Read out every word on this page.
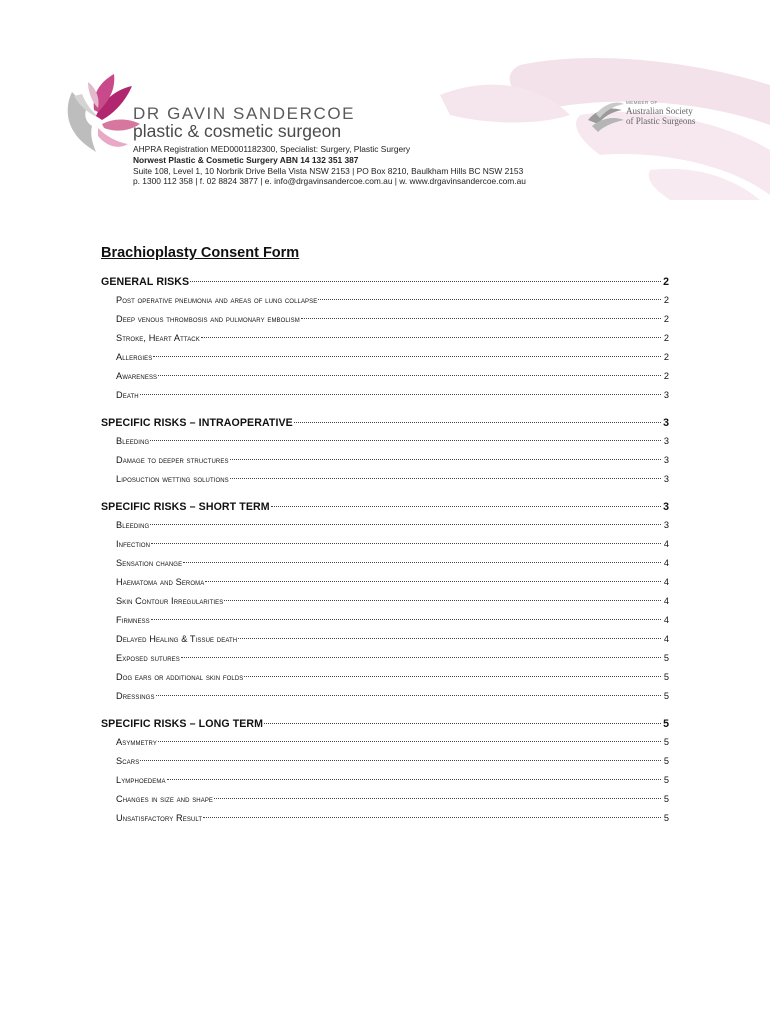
DR GAVIN SANDERCOE
plastic & cosmetic surgeon
AHPRA Registration MED0001182300, Specialist: Surgery, Plastic Surgery
Norwest Plastic & Cosmetic Surgery ABN 14 132 351 387
Suite 108, Level 1, 10 Norbrik Drive Bella Vista NSW 2153 | PO Box 8210, Baulkham Hills BC NSW 2153
p. 1300 112 358 | f. 02 8824 3877 | e. info@drgavinsandercoe.com.au | w. www.drgavinsandercoe.com.au
MEMBER OF
Australian Society
of Plastic Surgeons
Brachioplasty Consent Form
GENERAL RISKS	2
Post operative pneumonia and areas of lung collapse	2
Deep venous thrombosis and pulmonary embolism	2
Stroke, Heart Attack	2
Allergies	2
Awareness	2
Death	3
SPECIFIC RISKS – INTRAOPERATIVE	3
Bleeding	3
Damage to deeper structures	3
Liposuction wetting solutions	3
SPECIFIC RISKS – SHORT TERM	3
Bleeding	3
Infection	4
Sensation change	4
Haematoma and Seroma	4
Skin Contour Irregularities	4
Firmness	4
Delayed Healing & Tissue death	4
Exposed sutures	5
Dog ears or additional skin folds	5
Dressings	5
SPECIFIC RISKS – LONG TERM	5
Asymmetry	5
Scars	5
Lymphoedema	5
Changes in size and shape	5
Unsatisfactory Result	5
